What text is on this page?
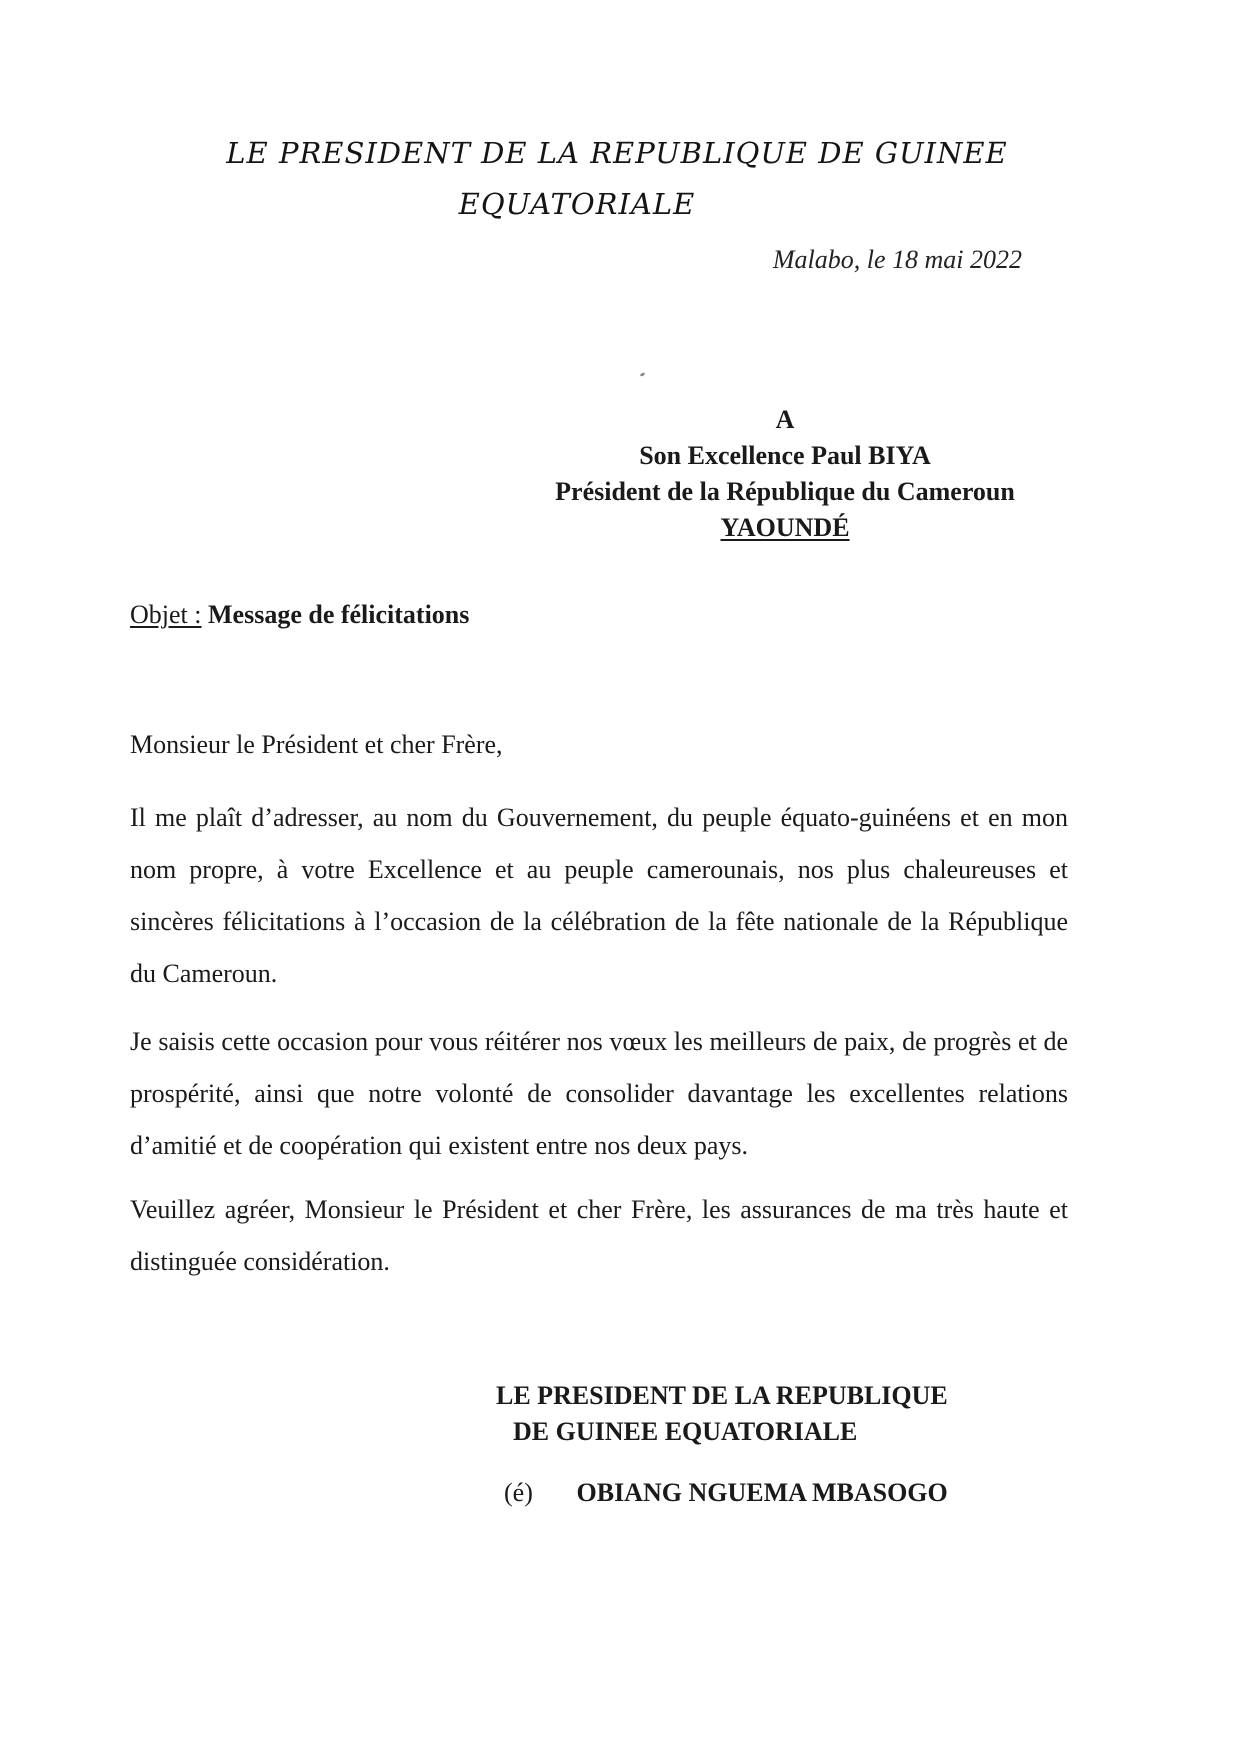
LE PRESIDENT DE LA REPUBLIQUE DE GUINEE
EQUATORIALE
Malabo, le 18 mai 2022
A
Son Excellence Paul BIYA
Président de la République du Cameroun
YAOUNDÉ
Objet : Message de félicitations
Monsieur le Président et cher Frère,

Il me plaît d’adresser, au nom du Gouvernement, du peuple équato-guinéens et en mon nom propre, à votre Excellence et au peuple camerounais, nos plus chaleureuses et sincères félicitations à l’occasion de la célébration de la fête nationale de la République du Cameroun.

Je saisis cette occasion pour vous réitérer nos vœux les meilleurs de paix, de progrès et de prospérité, ainsi que notre volonté de consolider davantage les excellentes relations d’amitié et de coopération qui existent entre nos deux pays.

Veuillez agréer, Monsieur le Président et cher Frère, les assurances de ma très haute et distinguée considération.

LE PRESIDENT DE LA REPUBLIQUE
DE GUINEE EQUATORIALE
(é) OBIANG NGUEMA MBASOGO
